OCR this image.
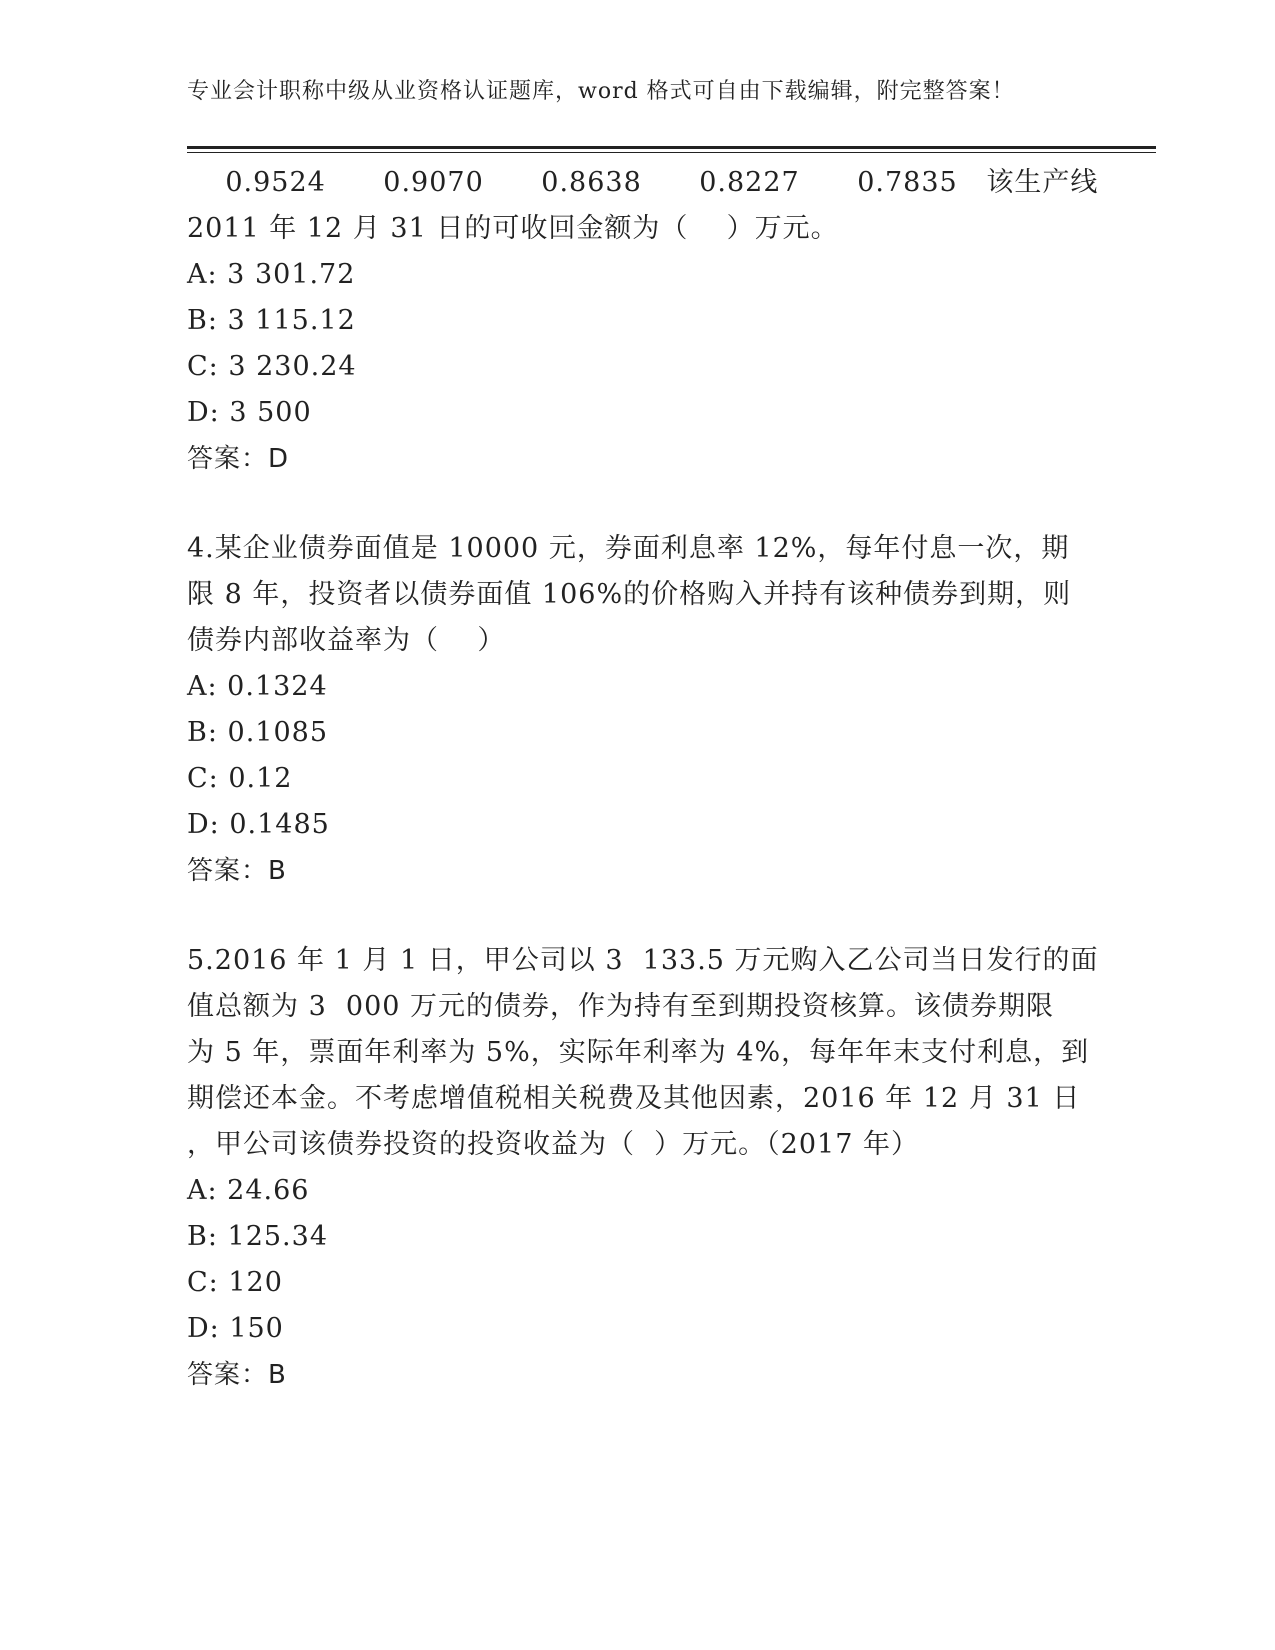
专业会计职称中级从业资格认证题库，word 格式可自由下载编辑，附完整答案！
0.9524      0.9070      0.8638      0.8227      0.7835   该生产线
2011 年 12 月 31 日的可收回金额为（    ）万元。
A: 3 301.72
B: 3 115.12
C: 3 230.24
D: 3 500
答案：D
4.某企业债券面值是 10000 元，券面利息率 12%，每年付息一次，期
限 8 年，投资者以债券面值 106%的价格购入并持有该种债券到期，则
债券内部收益率为（    ）
A: 0.1324
B: 0.1085
C: 0.12
D: 0.1485
答案：B
5.2016 年 1 月 1 日，甲公司以 3  133.5 万元购入乙公司当日发行的面
值总额为 3  000 万元的债券，作为持有至到期投资核算。该债券期限
为 5 年，票面年利率为 5%，实际年利率为 4%，每年年末支付利息，到
期偿还本金。不考虑增值税相关税费及其他因素，2016 年 12 月 31 日
，甲公司该债券投资的投资收益为（  ）万元。（2017 年）
A: 24.66
B: 125.34
C: 120
D: 150
答案：B
